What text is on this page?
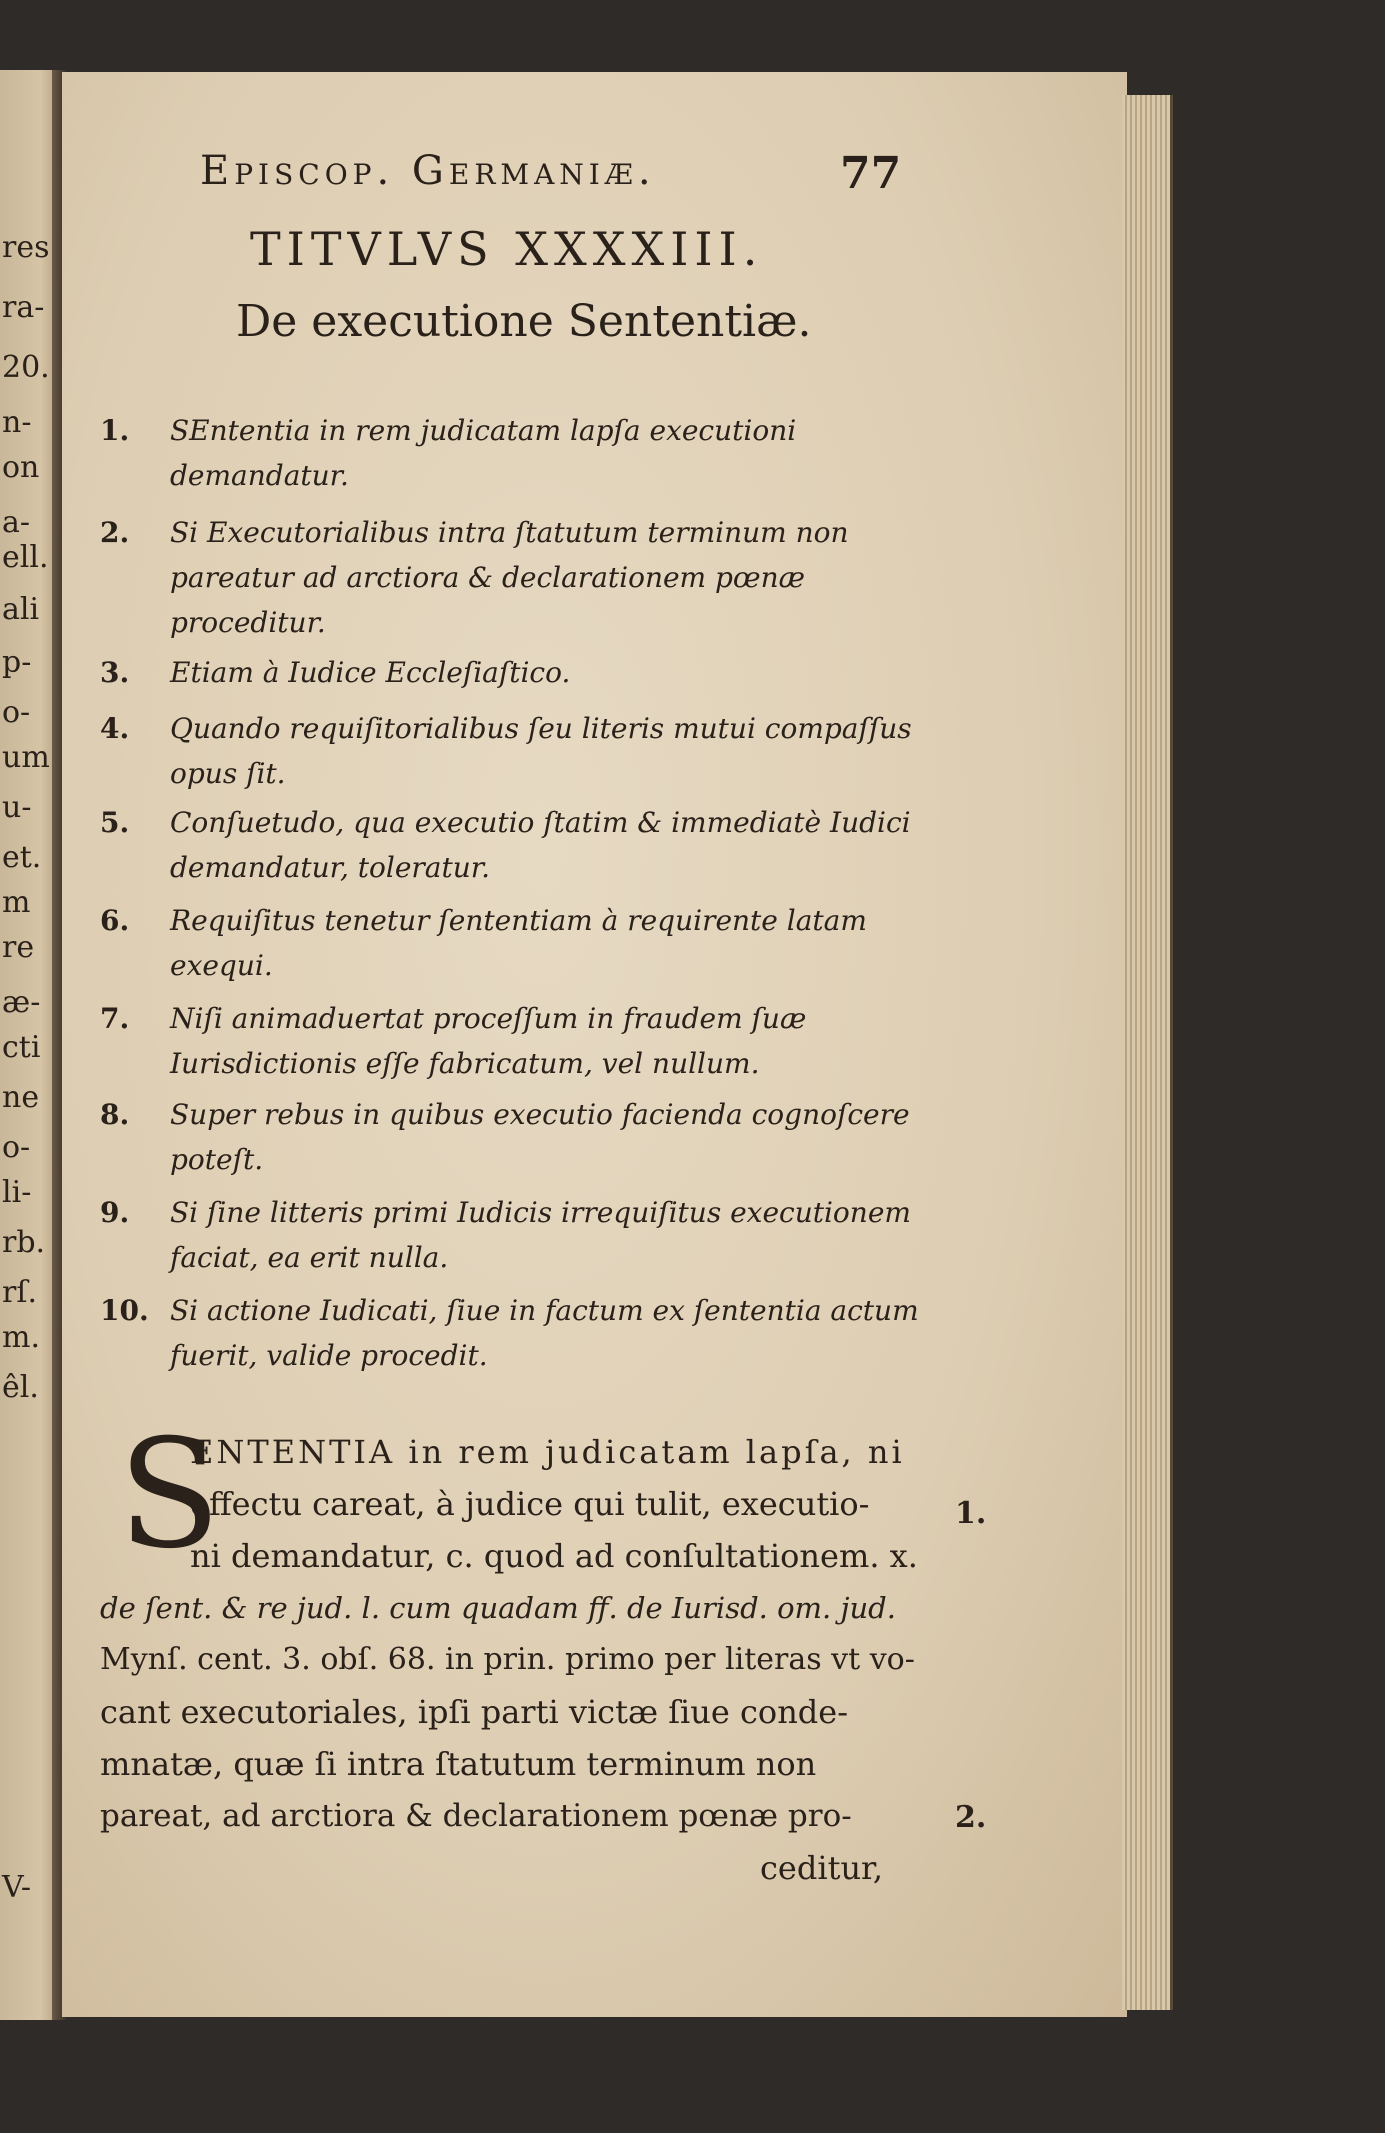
res
ra-
20.
n-
on
a-
ell.
ali
p-
o-
um
u-
et.
m
re
æ-
cti
ne
o-
li-
rb.
rſ.
m.
êl.
V-
Episcop. Germaniæ.	77
TITVLVS XXXXIII.
De executione Sententiæ.
1.	SEntentia in rem judicatam lapſa executioni demandatur.
2.	Si Executorialibus intra ſtatutum terminum non pareatur ad arctiora & declarationem pœnæ proceditur.
3.	Etiam à Iudice Eccleſiaſtico.
4.	Quando requiſitorialibus ſeu literis mutui compaſſus opus ſit.
5.	Conſuetudo, qua executio ſtatim & immediatè Iudici demandatur, toleratur.
6.	Requiſitus tenetur ſententiam à requirente latam exequi.
7.	Niſi animaduertat proceſſum in fraudem ſuæ Iurisdictionis eſſe fabricatum, vel nullum.
8.	Super rebus in quibus executio facienda cognoſcere poteſt.
9.	Si ſine litteris primi Iudicis irrequiſitus executionem faciat, ea erit nulla.
10. Si actione Iudicati, ſiue in factum ex ſententia actum fuerit, valide procedit.
S
ENTENTIA in rem judicatam lapſa, ni
effectu careat, à judice qui tulit, executio-
ni demandatur, c. quod ad conſultationem. x.
de ſent. & re jud. l. cum quadam ff. de Iurisd. om. jud.
Mynſ. cent. 3. obſ. 68. in prin. primo per literas vt vo-
cant executoriales, ipſi parti victæ ſiue conde-
mnatæ, quæ ſi intra ſtatutum terminum non
pareat, ad arctiora & declarationem pœnæ pro-
ceditur,
1.
2.
